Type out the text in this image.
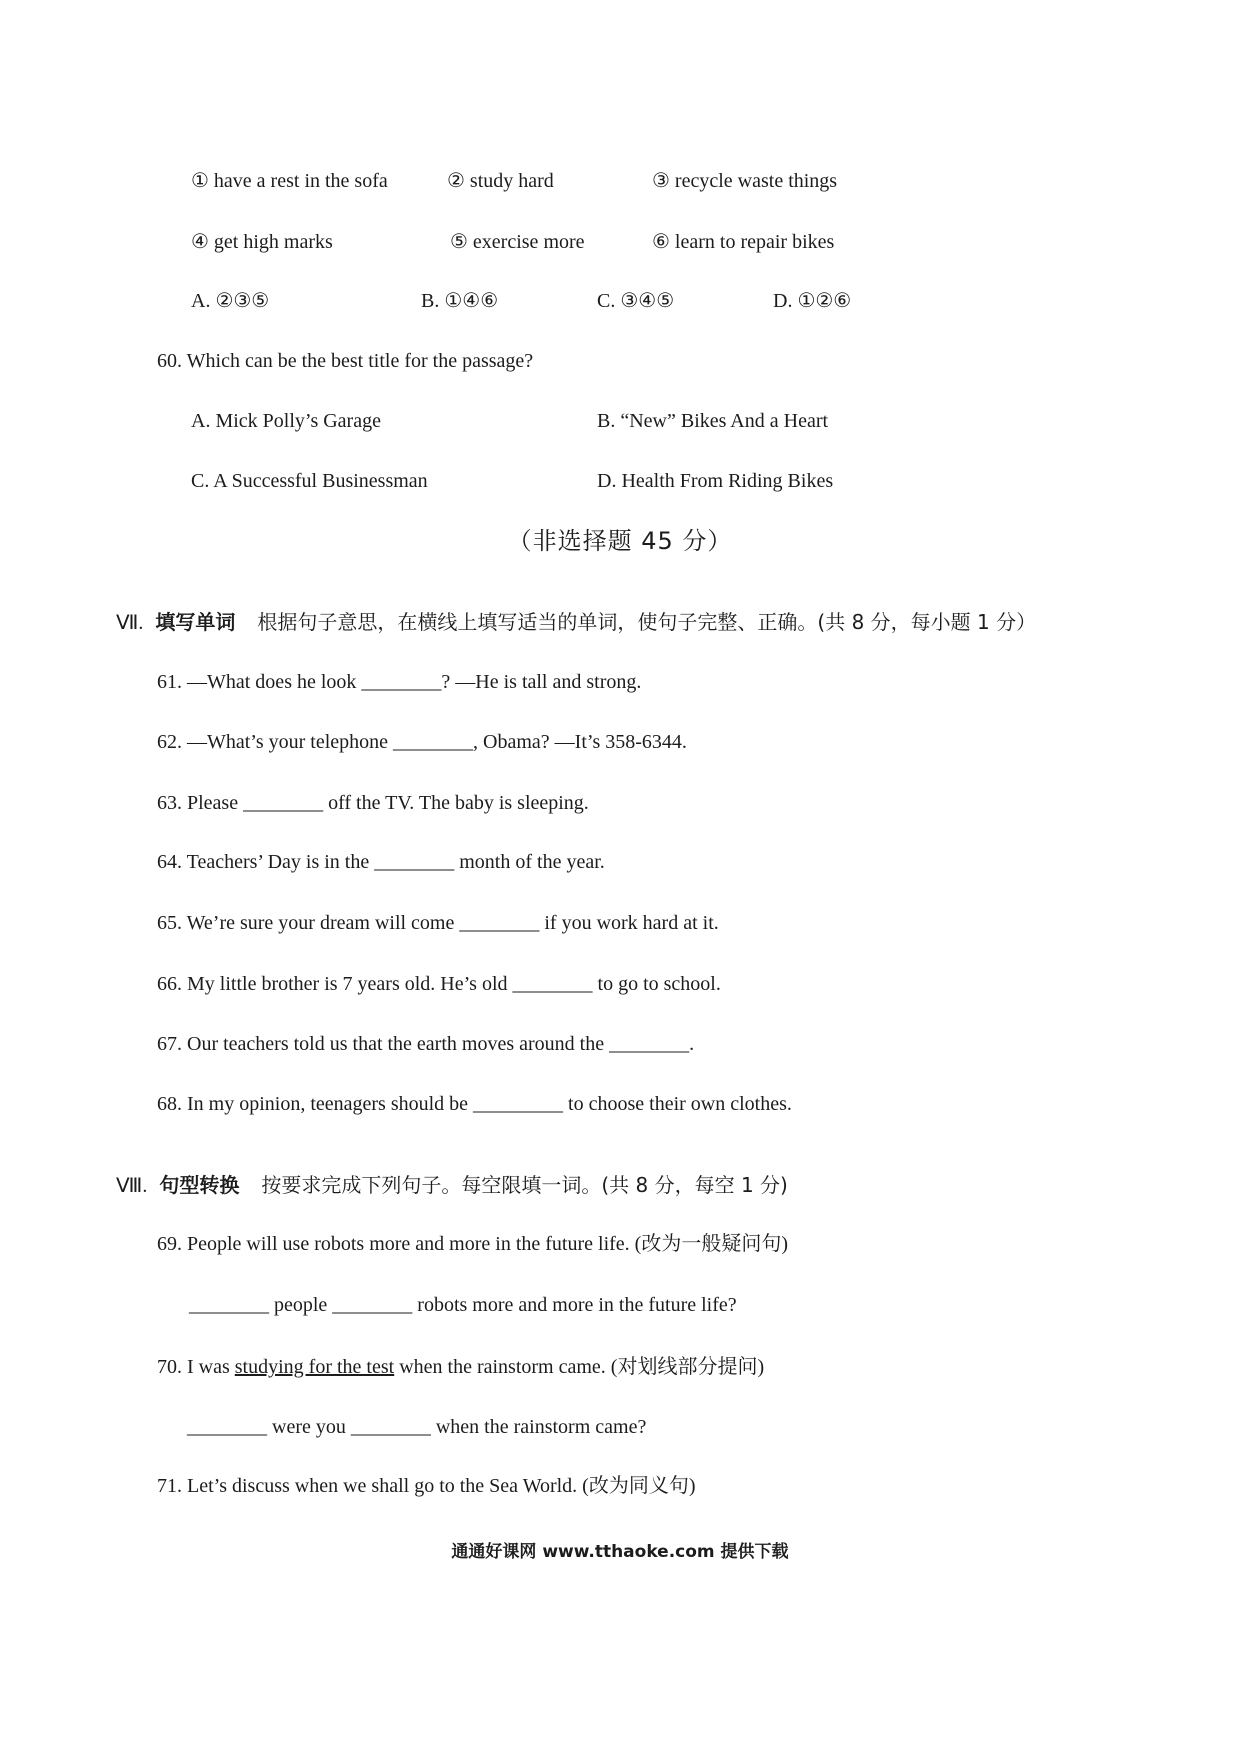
① have a rest in the sofa	② study hard	③ recycle waste things
④ get high marks	⑤ exercise more	⑥ learn to repair bikes
A. ②③⑤	B. ①④⑥	C. ③④⑤	D. ①②⑥
60. Which can be the best title for the passage?
A. Mick Polly’s Garage	B. “New” Bikes And a Heart
C. A Successful Businessman	D. Health From Riding Bikes
（非选择题 45 分）
Ⅶ. 填写单词 根据句子意思，在横线上填写适当的单词，使句子完整、正确。(共 8 分，每小题 1 分）
61. —What does he look ________? —He is tall and strong.
62. —What’s your telephone ________, Obama? —It’s 358-6344.
63. Please ________ off the TV. The baby is sleeping.
64. Teachers’ Day is in the ________ month of the year.
65. We’re sure your dream will come ________ if you work hard at it.
66. My little brother is 7 years old. He’s old ________ to go to school.
67. Our teachers told us that the earth moves around the ________.
68. In my opinion, teenagers should be _________ to choose their own clothes.
Ⅷ. 句型转换 按要求完成下列句子。每空限填一词。(共 8 分，每空 1 分)
69. People will use robots more and more in the future life. (改为一般疑问句)
________ people ________ robots more and more in the future life?
70. I was studying for the test when the rainstorm came. (对划线部分提问)
________ were you ________ when the rainstorm came?
71. Let’s discuss when we shall go to the Sea World. (改为同义句)
通通好课网 www.tthaoke.com 提供下载
